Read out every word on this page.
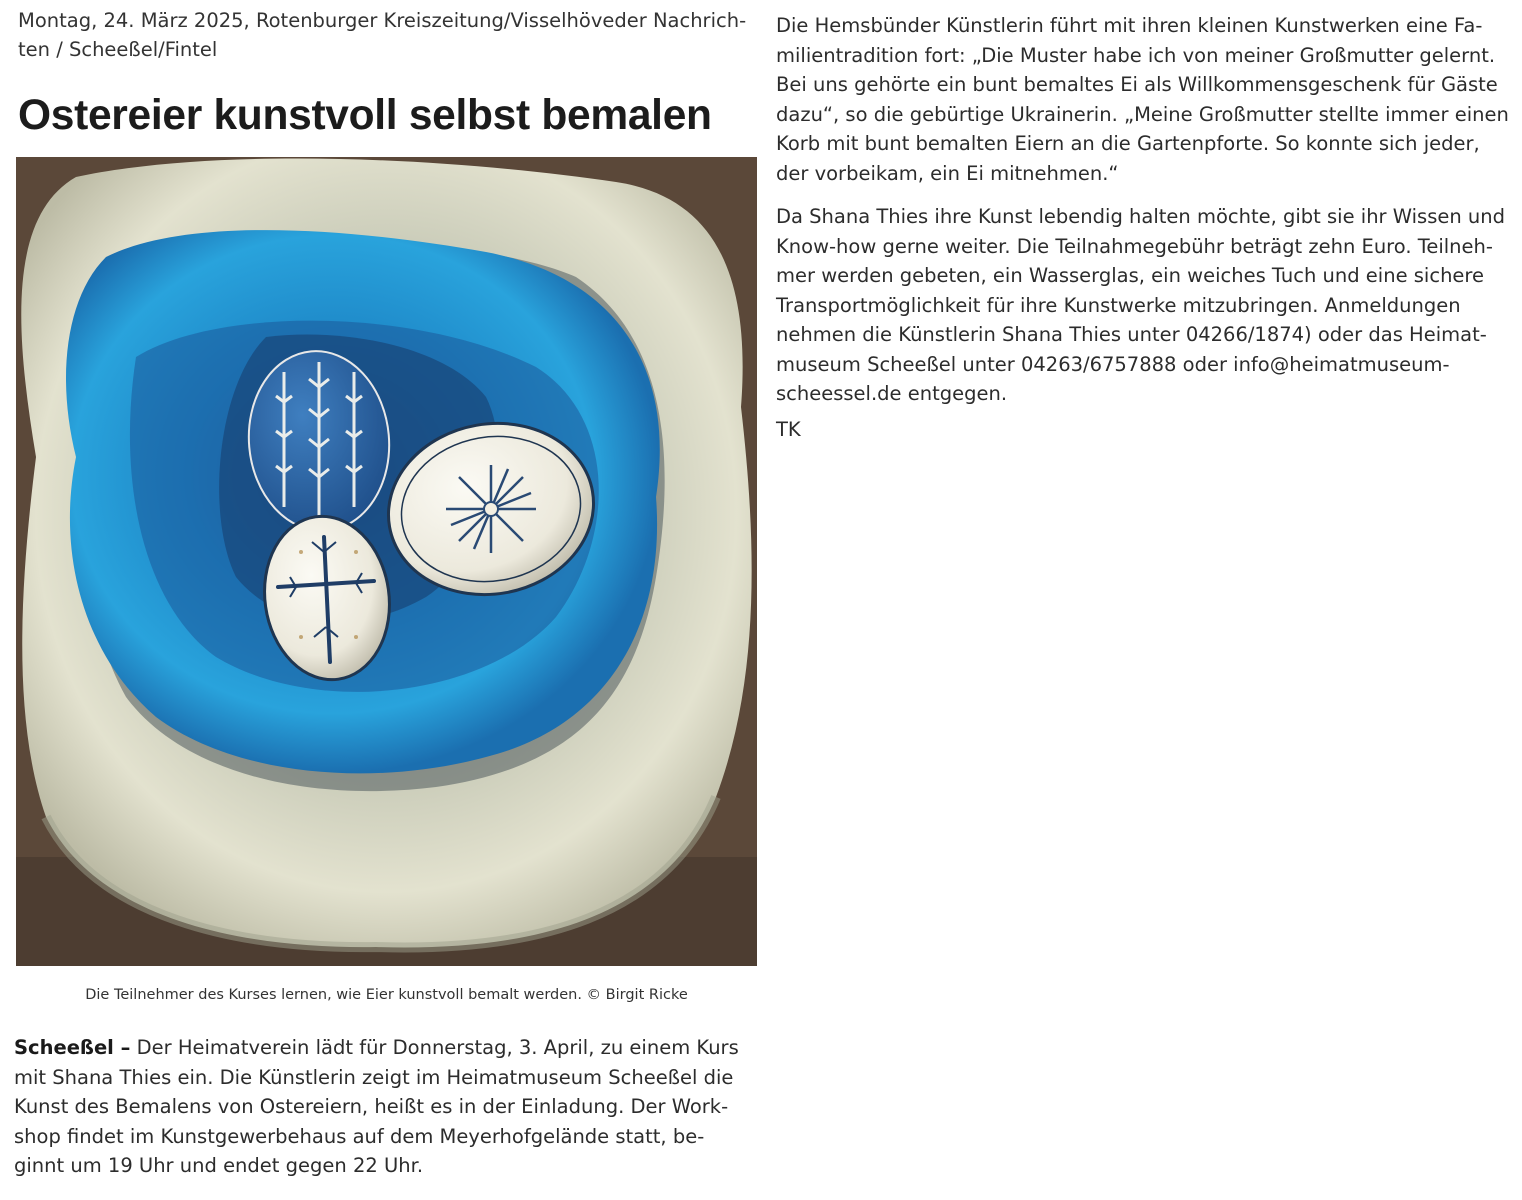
Montag, 24. März 2025, Rotenburger Kreiszeitung/Visselhöveder Nachrich-
ten / Scheeßel/Fintel
Ostereier kunstvoll selbst bemalen
Die Teilnehmer des Kurses lernen, wie Eier kunstvoll bemalt werden. © Birgit Ricke
Scheeßel – Der Heimatverein lädt für Donnerstag, 3. April, zu einem Kurs
mit Shana Thies ein. Die Künstlerin zeigt im Heimatmuseum Scheeßel die
Kunst des Bemalens von Ostereiern, heißt es in der Einladung. Der Work-
shop findet im Kunstgewerbehaus auf dem Meyerhofgelände statt, be-
ginnt um 19 Uhr und endet gegen 22 Uhr.

Die Hemsbünder Künstlerin führt mit ihren kleinen Kunstwerken eine Fa-
milientradition fort: „Die Muster habe ich von meiner Großmutter gelernt.
Bei uns gehörte ein bunt bemaltes Ei als Willkommensgeschenk für Gäste
dazu“, so die gebürtige Ukrainerin. „Meine Großmutter stellte immer einen
Korb mit bunt bemalten Eiern an die Gartenpforte. So konnte sich jeder,
der vorbeikam, ein Ei mitnehmen.“

Da Shana Thies ihre Kunst lebendig halten möchte, gibt sie ihr Wissen und
Know-how gerne weiter. Die Teilnahmegebühr beträgt zehn Euro. Teilneh-
mer werden gebeten, ein Wasserglas, ein weiches Tuch und eine sichere
Transportmöglichkeit für ihre Kunstwerke mitzubringen. Anmeldungen
nehmen die Künstlerin Shana Thies unter 04266/1874) oder das Heimat-
museum Scheeßel unter 04263/6757888 oder info@heimatmuseum-
scheessel.de entgegen.

TK
